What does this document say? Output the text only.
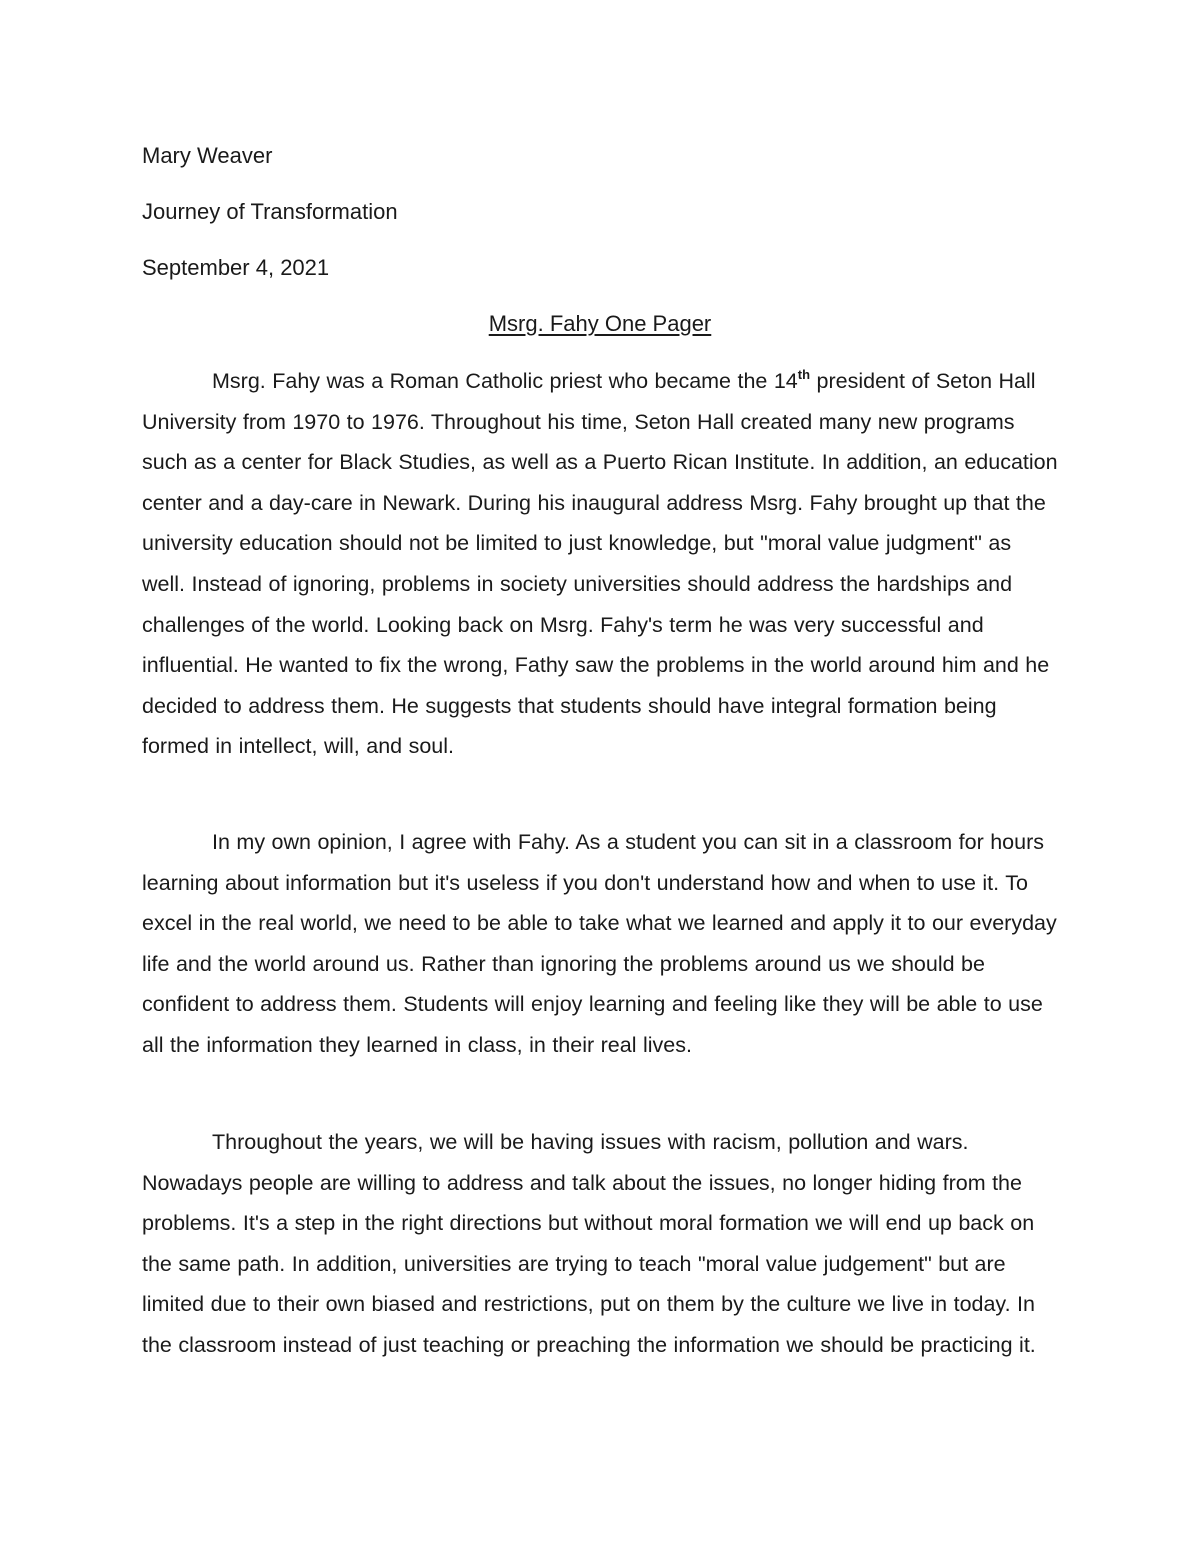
Mary Weaver
Journey of Transformation
September 4, 2021
Msrg. Fahy One Pager

Msrg. Fahy was a Roman Catholic priest who became the 14th president of Seton Hall University from 1970 to 1976. Throughout his time, Seton Hall created many new programs such as a center for Black Studies, as well as a Puerto Rican Institute. In addition, an education center and a day-care in Newark. During his inaugural address Msrg. Fahy brought up that the university education should not be limited to just knowledge, but "moral value judgment" as well. Instead of ignoring, problems in society universities should address the hardships and challenges of the world. Looking back on Msrg. Fahy's term he was very successful and influential. He wanted to fix the wrong, Fathy saw the problems in the world around him and he decided to address them. He suggests that students should have integral formation being formed in intellect, will, and soul.

In my own opinion, I agree with Fahy. As a student you can sit in a classroom for hours learning about information but it's useless if you don't understand how and when to use it. To excel in the real world, we need to be able to take what we learned and apply it to our everyday life and the world around us. Rather than ignoring the problems around us we should be confident to address them. Students will enjoy learning and feeling like they will be able to use all the information they learned in class, in their real lives.

Throughout the years, we will be having issues with racism, pollution and wars. Nowadays people are willing to address and talk about the issues, no longer hiding from the problems. It's a step in the right directions but without moral formation we will end up back on the same path. In addition, universities are trying to teach "moral value judgement" but are limited due to their own biased and restrictions, put on them by the culture we live in today. In the classroom instead of just teaching or preaching the information we should be practicing it.
